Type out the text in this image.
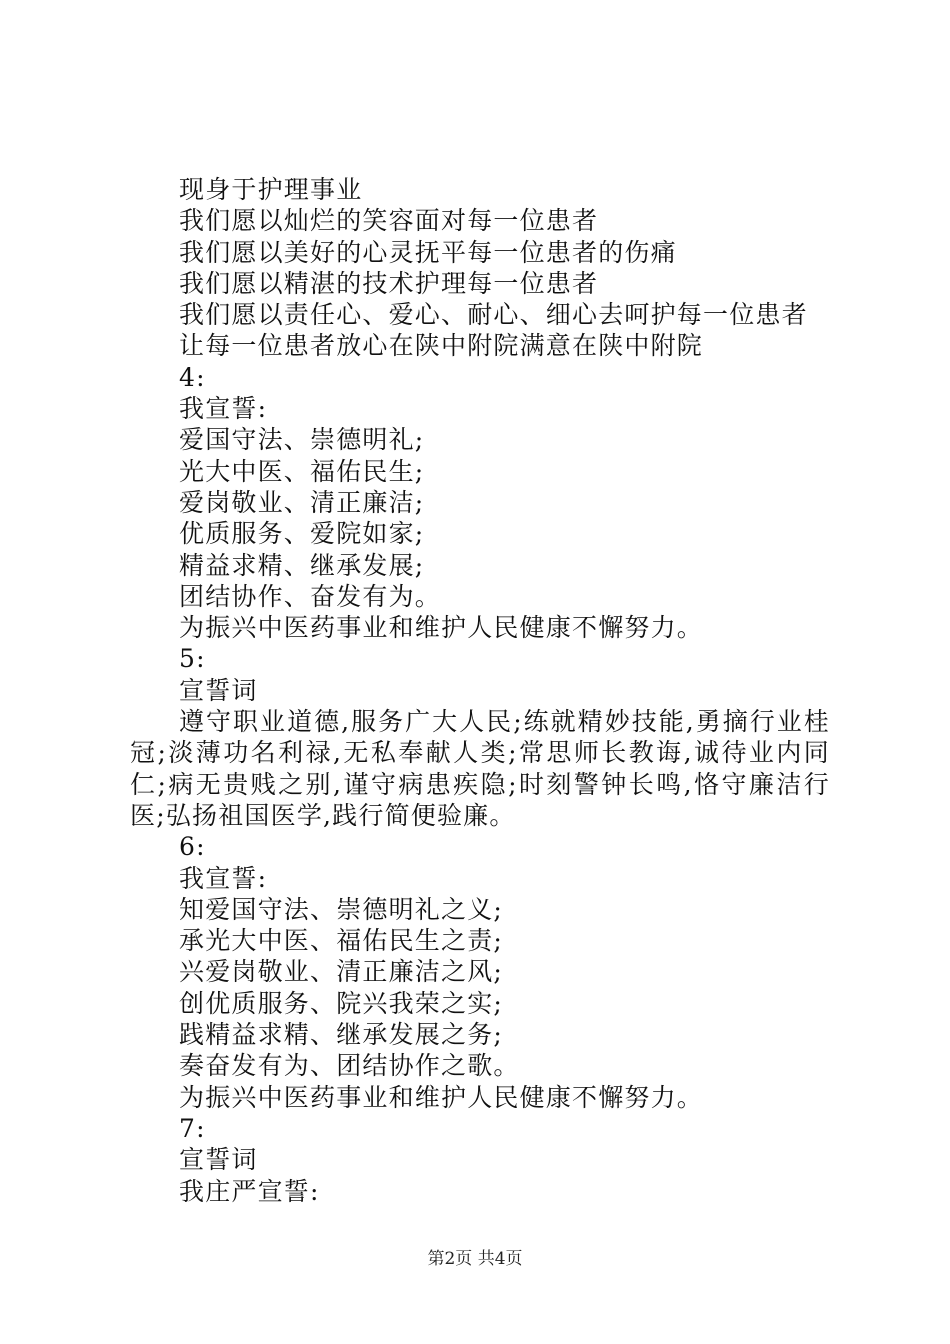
现身于护理事业
我们愿以灿烂的笑容面对每一位患者
我们愿以美好的心灵抚平每一位患者的伤痛
我们愿以精湛的技术护理每一位患者
我们愿以责任心、爱心、耐心、细心去呵护每一位患者
让每一位患者放心在陕中附院满意在陕中附院
4:
我宣誓:
爱国守法、崇德明礼;
光大中医、福佑民生;
爱岗敬业、清正廉洁;
优质服务、爱院如家;
精益求精、继承发展;
团结协作、奋发有为。
为振兴中医药事业和维护人民健康不懈努力。
5:
宣誓词

遵守职业道德,服务广大人民;练就精妙技能,勇摘行业桂冠;淡薄功名利禄,无私奉献人类;常思师长教诲,诚待业内同仁;病无贵贱之别,谨守病患疾隐;时刻警钟长鸣,恪守廉洁行医;弘扬祖国医学,践行简便验廉。

6:
我宣誓:
知爱国守法、崇德明礼之义;
承光大中医、福佑民生之责;
兴爱岗敬业、清正廉洁之风;
创优质服务、院兴我荣之实;
践精益求精、继承发展之务;
奏奋发有为、团结协作之歌。
为振兴中医药事业和维护人民健康不懈努力。
7:
宣誓词
我庄严宣誓:
第2页 共4页
